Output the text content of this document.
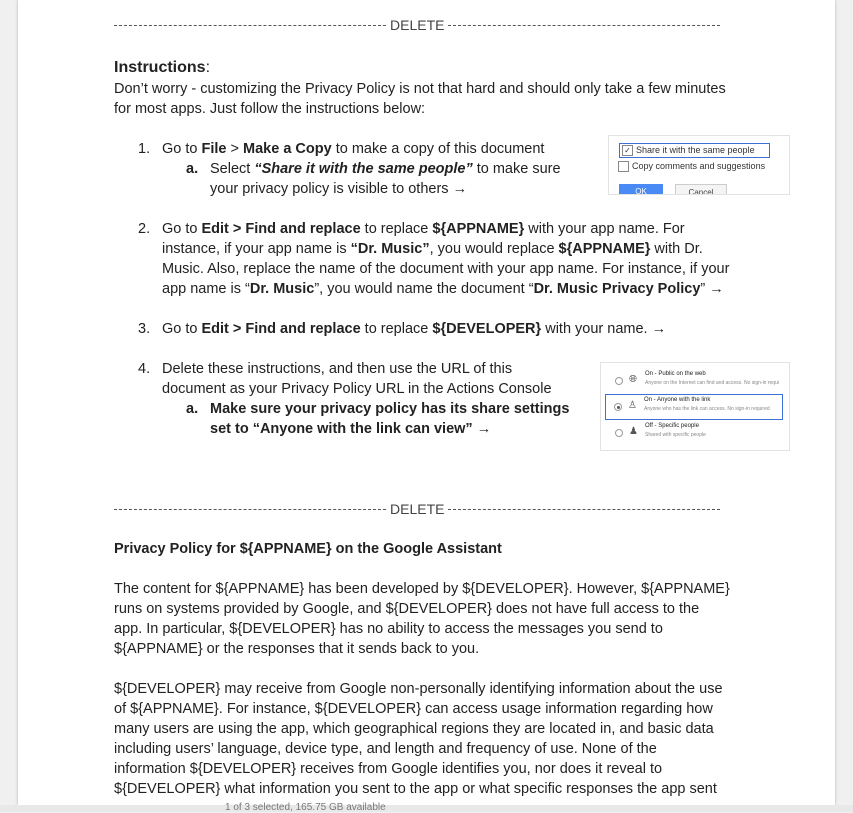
DELETE
Instructions:
Don’t worry - customizing the Privacy Policy is not that hard and should only take a few minutes
for most apps. Just follow the instructions below:
1. Go to File > Make a Copy to make a copy of this document
a. Select “Share it with the same people” to make sure
your privacy policy is visible to others →
✓ Share it with the same people
Copy comments and suggestions
OK	Cancel
2. Go to Edit > Find and replace to replace ${APPNAME} with your app name. For
instance, if your app name is “Dr. Music”, you would replace ${APPNAME} with Dr.
Music. Also, replace the name of the document with your app name. For instance, if your
app name is “Dr. Music”, you would name the document “Dr. Music Privacy Policy” →
3. Go to Edit > Find and replace to replace ${DEVELOPER} with your name. →
4. Delete these instructions, and then use the URL of this
document as your Privacy Policy URL in the Actions Console
a. Make sure your privacy policy has its share settings
set to “Anyone with the link can view” →
🌐︎ On - Public on the web
Anyone on the Internet can find and access. No sign-in requi
♙ On - Anyone with the link
Anyone who has the link can access. No sign-in required
♟ Off - Specific people
Shared with specific people
DELETE
Privacy Policy for ${APPNAME} on the Google Assistant
The content for ${APPNAME} has been developed by ${DEVELOPER}. However, ${APPNAME}
runs on systems provided by Google, and ${DEVELOPER} does not have full access to the
app. In particular, ${DEVELOPER} has no ability to access the messages you send to
${APPNAME} or the responses that it sends back to you.
${DEVELOPER} may receive from Google non-personally identifying information about the use
of ${APPNAME}. For instance, ${DEVELOPER} can access usage information regarding how
many users are using the app, which geographical regions they are located in, and basic data
including users’ language, device type, and length and frequency of use. None of the
information ${DEVELOPER} receives from Google identifies you, nor does it reveal to
${DEVELOPER} what information you sent to the app or what specific responses the app sent
1 of 3 selected, 165.75 GB available
